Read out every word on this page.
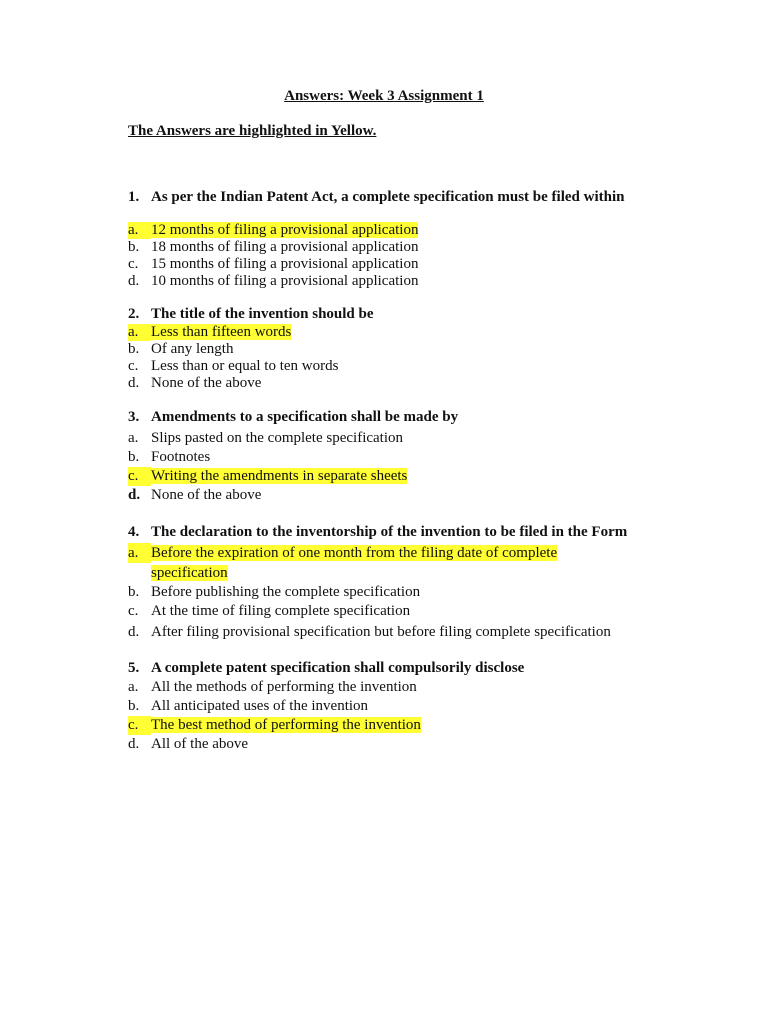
Answers: Week 3 Assignment 1
The Answers are highlighted in Yellow.
1. As per the Indian Patent Act, a complete specification must be filed within
a. 12 months of filing a provisional application
b. 18 months of filing a provisional application
c. 15 months of filing a provisional application
d. 10 months of filing a provisional application
2. The title of the invention should be
a. Less than fifteen words
b. Of any length
c. Less than or equal to ten words
d. None of the above
3. Amendments to a specification shall be made by
a. Slips pasted on the complete specification
b. Footnotes
c. Writing the amendments in separate sheets
d. None of the above
4. The declaration to the inventorship of the invention to be filed in the Form
a. Before the expiration of one month from the filing date of complete specification
b. Before publishing the complete specification
c. At the time of filing complete specification
d. After filing provisional specification but before filing complete specification
5. A complete patent specification shall compulsorily disclose
a. All the methods of performing the invention
b. All anticipated uses of the invention
c. The best method of performing the invention
d. All of the above
